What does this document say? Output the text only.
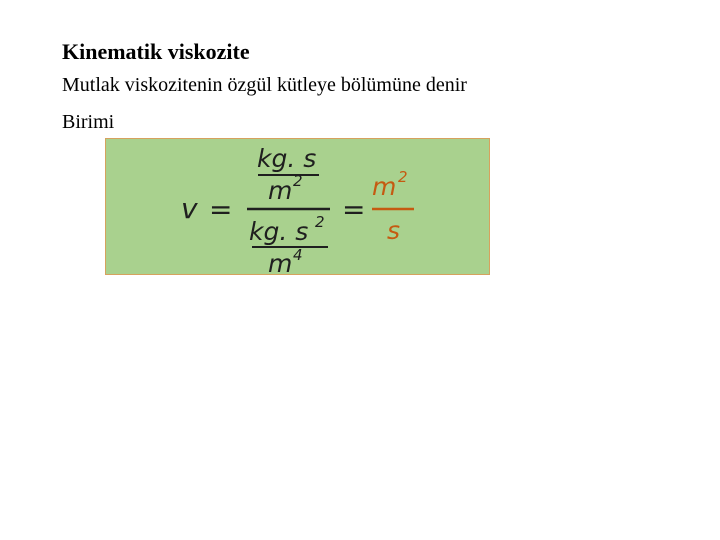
Kinematik viskozite
Mutlak viskozitenin özgül kütleye bölümüne denir
Birimi
v =
kg. s
m 2
kg. s 2
m 4
=
m 2
s
